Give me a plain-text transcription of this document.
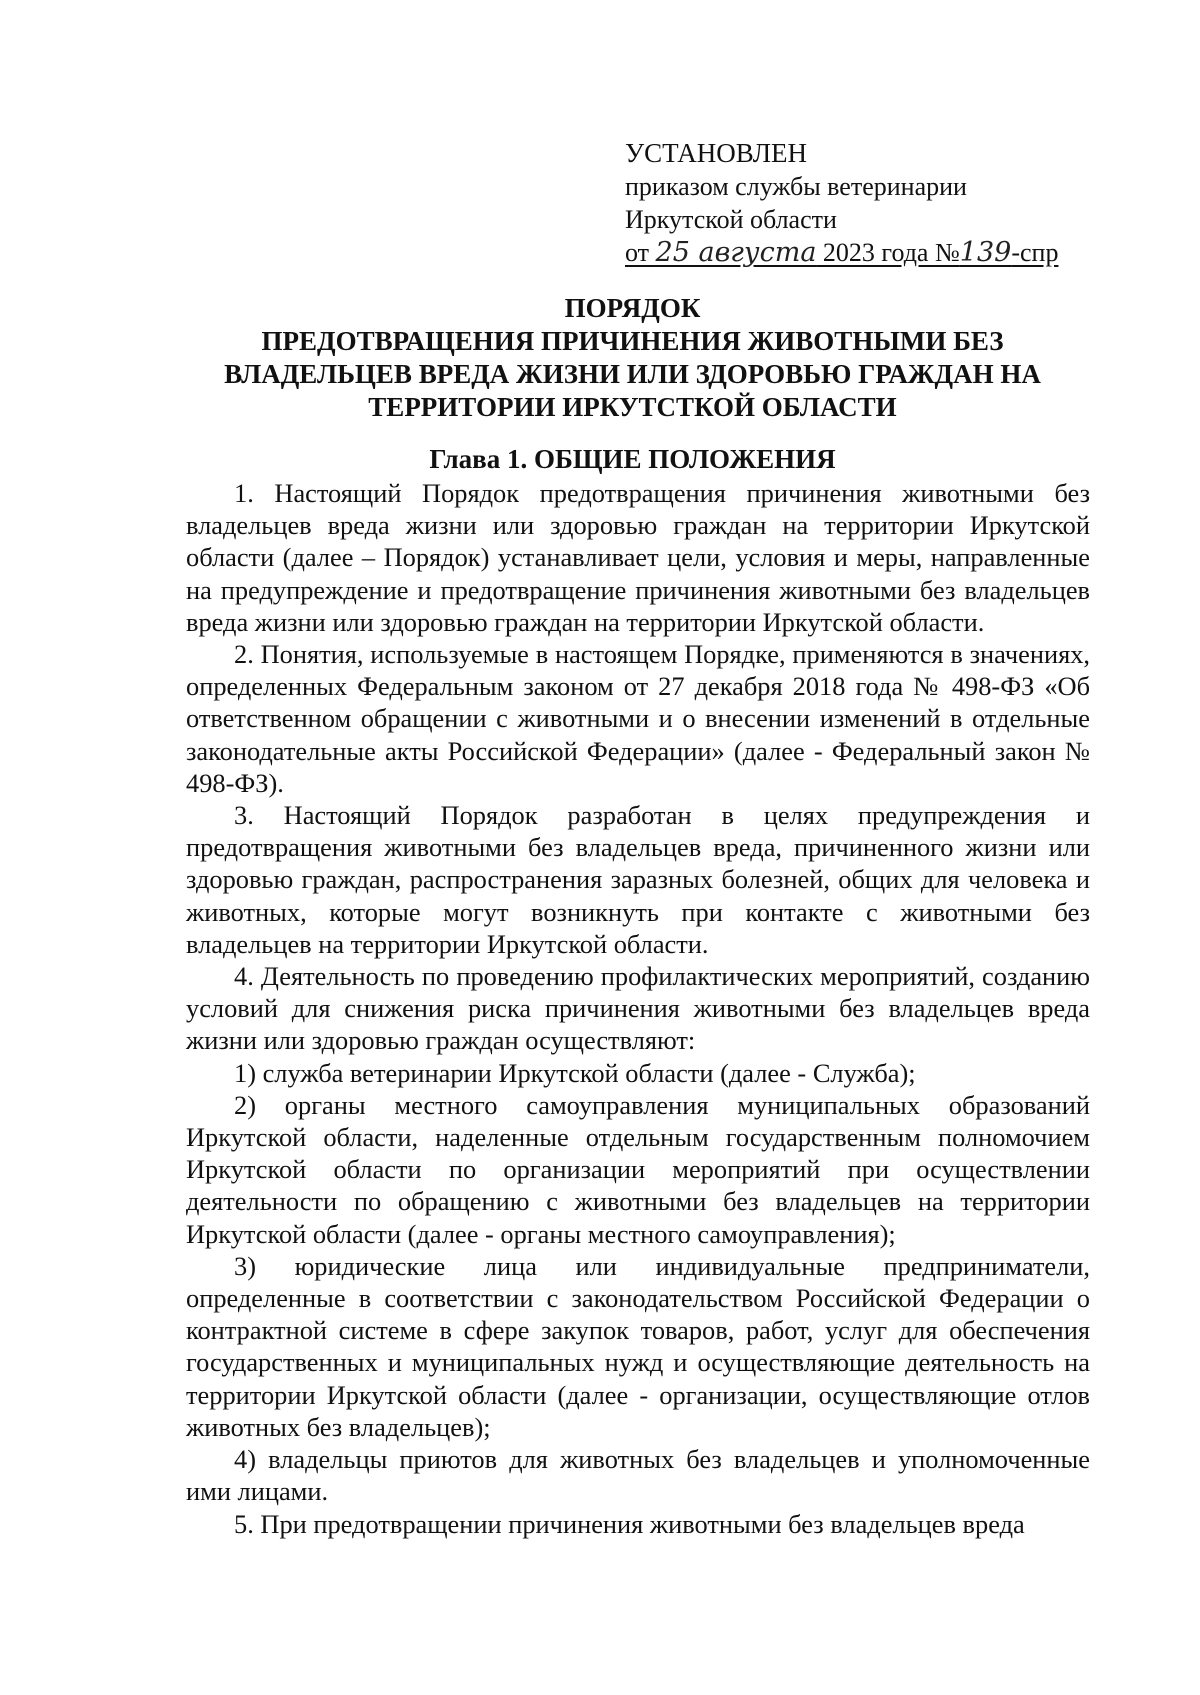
УСТАНОВЛЕН
приказом службы ветеринарии
Иркутской области
от 25 августа 2023 года №139-спр
ПОРЯДОК
ПРЕДОТВРАЩЕНИЯ ПРИЧИНЕНИЯ ЖИВОТНЫМИ БЕЗ
ВЛАДЕЛЬЦЕВ ВРЕДА ЖИЗНИ ИЛИ ЗДОРОВЬЮ ГРАЖДАН НА
ТЕРРИТОРИИ ИРКУТСТКОЙ ОБЛАСТИ
Глава 1. ОБЩИЕ ПОЛОЖЕНИЯ

1. Настоящий Порядок предотвращения причинения животными без владельцев вреда жизни или здоровью граждан на территории Иркутской области (далее – Порядок) устанавливает цели, условия и меры, направленные на предупреждение и предотвращение причинения животными без владельцев вреда жизни или здоровью граждан на территории Иркутской области.

2. Понятия, используемые в настоящем Порядке, применяются в значениях, определенных Федеральным законом от 27 декабря 2018 года № 498-ФЗ «Об ответственном обращении с животными и о внесении изменений в отдельные законодательные акты Российской Федерации» (далее - Федеральный закон № 498-ФЗ).

3. Настоящий Порядок разработан в целях предупреждения и предотвращения животными без владельцев вреда, причиненного жизни или здоровью граждан, распространения заразных болезней, общих для человека и животных, которые могут возникнуть при контакте с животными без владельцев на территории Иркутской области.

4. Деятельность по проведению профилактических мероприятий, созданию условий для снижения риска причинения животными без владельцев вреда жизни или здоровью граждан осуществляют:

1) служба ветеринарии Иркутской области (далее - Служба);

2) органы местного самоуправления муниципальных образований Иркутской области, наделенные отдельным государственным полномочием Иркутской области по организации мероприятий при осуществлении деятельности по обращению с животными без владельцев на территории Иркутской области (далее - органы местного самоуправления);

3) юридические лица или индивидуальные предприниматели, определенные в соответствии с законодательством Российской Федерации о контрактной системе в сфере закупок товаров, работ, услуг для обеспечения государственных и муниципальных нужд и осуществляющие деятельность на территории Иркутской области (далее - организации, осуществляющие отлов животных без владельцев);

4) владельцы приютов для животных без владельцев и уполномоченные ими лицами.

5. При предотвращении причинения животными без владельцев вреда
